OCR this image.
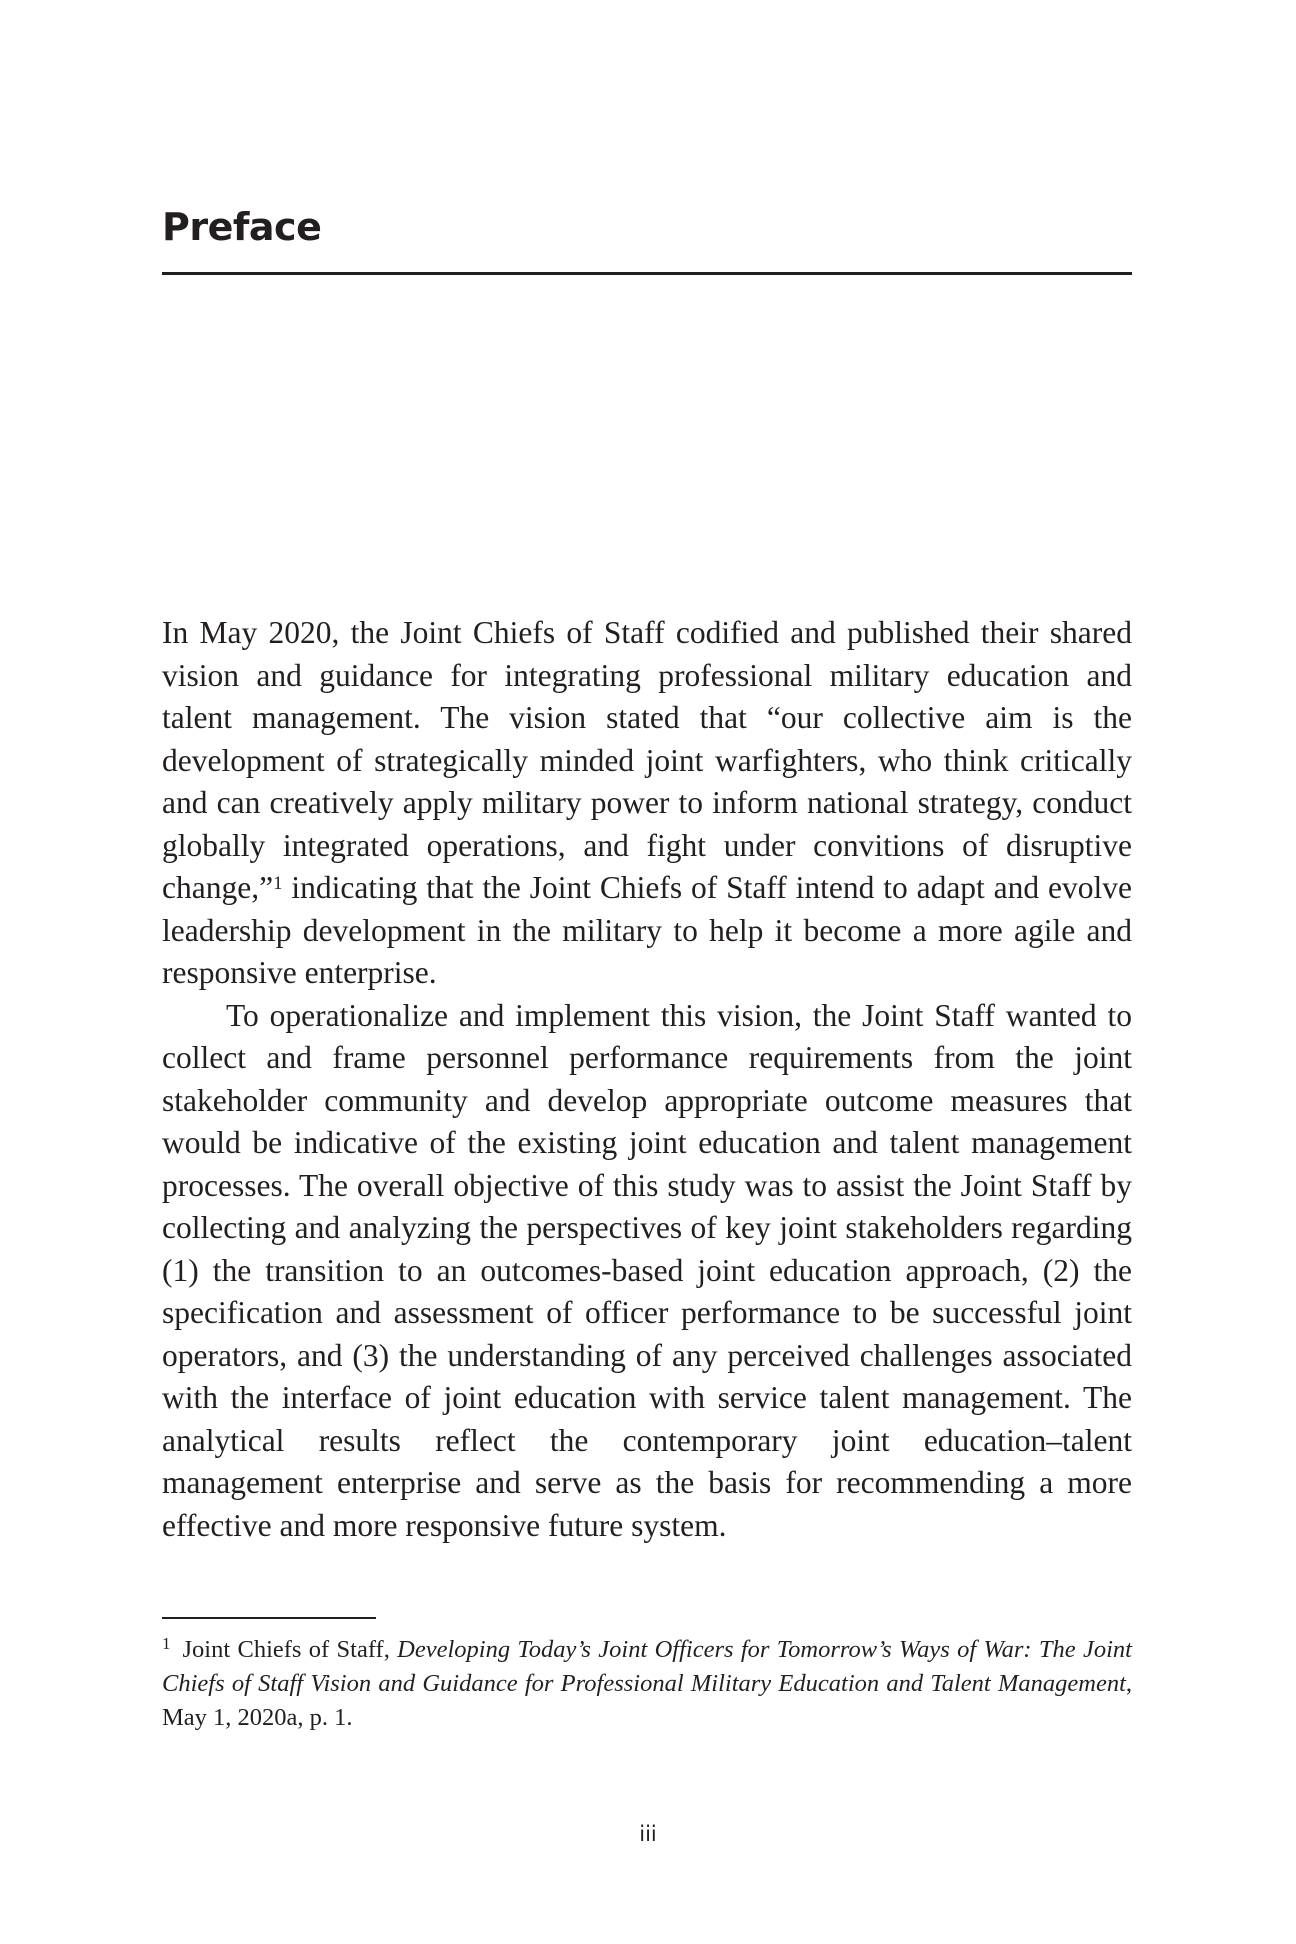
Preface

In May 2020, the Joint Chiefs of Staff codified and published their shared vision and guidance for integrating professional military education and talent management. The vision stated that “our collective aim is the development of strategically minded joint warfighters, who think critically and can creatively apply military power to inform national strategy, conduct globally integrated operations, and fight under convitions of disruptive change,”$^1$ indicating that the Joint Chiefs of Staff intend to adapt and evolve leadership development in the military to help it become a more agile and responsive enterprise.

To operationalize and implement this vision, the Joint Staff wanted to collect and frame personnel performance requirements from the joint stakeholder community and develop appropriate outcome measures that would be indicative of the existing joint education and talent management processes. The overall objective of this study was to assist the Joint Staff by collecting and analyzing the perspectives of key joint stakeholders regarding (1) the transition to an outcomes-based joint education approach, (2) the specification and assessment of officer performance to be successful joint operators, and (3) the understanding of any perceived challenges associated with the interface of joint education with service talent management. The analytical results reflect the contemporary joint education–talent management enterprise and serve as the basis for recommending a more effective and more responsive future system.

$^1$ Joint Chiefs of Staff, Developing Today’s Joint Officers for Tomorrow’s Ways of War: The Joint Chiefs of Staff Vision and Guidance for Professional Military Education and Talent Management, May 1, 2020a, p. 1.
iii
